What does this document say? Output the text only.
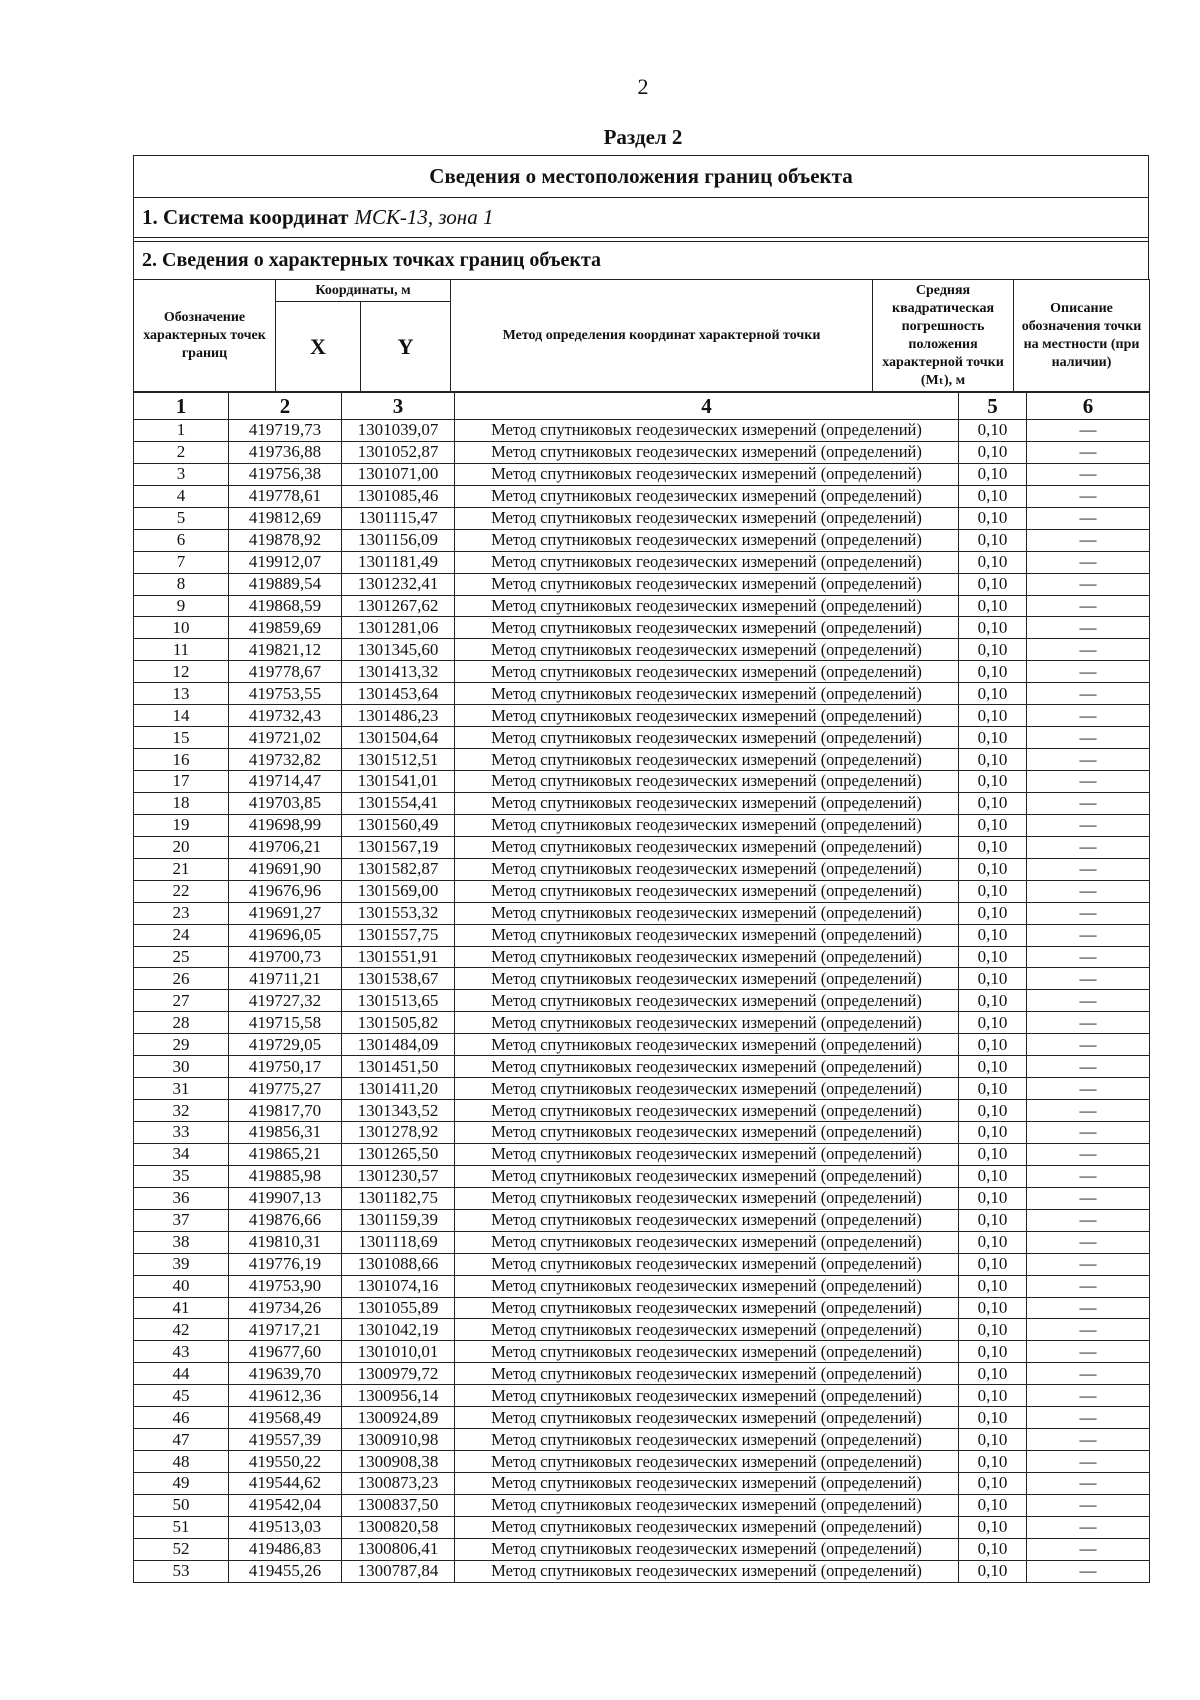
2
Раздел 2
Сведения о местоположения границ объекта
1. Система координат МСК-13, зона 1
2. Сведения о характерных точках границ объекта
Обозначение характерных точек границ	Координаты, м		Метод определения координат характерной точки	Средняя квадратическая погрешность положения характерной точки (Mₜ), м	Описание обозначения точки на местности (при наличии)
	X	Y			
1	2	3	4	5	6
1	419719,73	1301039,07	Метод спутниковых геодезических измерений (определений)	0,10	—
2	419736,88	1301052,87	Метод спутниковых геодезических измерений (определений)	0,10	—
3	419756,38	1301071,00	Метод спутниковых геодезических измерений (определений)	0,10	—
4	419778,61	1301085,46	Метод спутниковых геодезических измерений (определений)	0,10	—
5	419812,69	1301115,47	Метод спутниковых геодезических измерений (определений)	0,10	—
6	419878,92	1301156,09	Метод спутниковых геодезических измерений (определений)	0,10	—
7	419912,07	1301181,49	Метод спутниковых геодезических измерений (определений)	0,10	—
8	419889,54	1301232,41	Метод спутниковых геодезических измерений (определений)	0,10	—
9	419868,59	1301267,62	Метод спутниковых геодезических измерений (определений)	0,10	—
10	419859,69	1301281,06	Метод спутниковых геодезических измерений (определений)	0,10	—
11	419821,12	1301345,60	Метод спутниковых геодезических измерений (определений)	0,10	—
12	419778,67	1301413,32	Метод спутниковых геодезических измерений (определений)	0,10	—
13	419753,55	1301453,64	Метод спутниковых геодезических измерений (определений)	0,10	—
14	419732,43	1301486,23	Метод спутниковых геодезических измерений (определений)	0,10	—
15	419721,02	1301504,64	Метод спутниковых геодезических измерений (определений)	0,10	—
16	419732,82	1301512,51	Метод спутниковых геодезических измерений (определений)	0,10	—
17	419714,47	1301541,01	Метод спутниковых геодезических измерений (определений)	0,10	—
18	419703,85	1301554,41	Метод спутниковых геодезических измерений (определений)	0,10	—
19	419698,99	1301560,49	Метод спутниковых геодезических измерений (определений)	0,10	—
20	419706,21	1301567,19	Метод спутниковых геодезических измерений (определений)	0,10	—
21	419691,90	1301582,87	Метод спутниковых геодезических измерений (определений)	0,10	—
22	419676,96	1301569,00	Метод спутниковых геодезических измерений (определений)	0,10	—
23	419691,27	1301553,32	Метод спутниковых геодезических измерений (определений)	0,10	—
24	419696,05	1301557,75	Метод спутниковых геодезических измерений (определений)	0,10	—
25	419700,73	1301551,91	Метод спутниковых геодезических измерений (определений)	0,10	—
26	419711,21	1301538,67	Метод спутниковых геодезических измерений (определений)	0,10	—
27	419727,32	1301513,65	Метод спутниковых геодезических измерений (определений)	0,10	—
28	419715,58	1301505,82	Метод спутниковых геодезических измерений (определений)	0,10	—
29	419729,05	1301484,09	Метод спутниковых геодезических измерений (определений)	0,10	—
30	419750,17	1301451,50	Метод спутниковых геодезических измерений (определений)	0,10	—
31	419775,27	1301411,20	Метод спутниковых геодезических измерений (определений)	0,10	—
32	419817,70	1301343,52	Метод спутниковых геодезических измерений (определений)	0,10	—
33	419856,31	1301278,92	Метод спутниковых геодезических измерений (определений)	0,10	—
34	419865,21	1301265,50	Метод спутниковых геодезических измерений (определений)	0,10	—
35	419885,98	1301230,57	Метод спутниковых геодезических измерений (определений)	0,10	—
36	419907,13	1301182,75	Метод спутниковых геодезических измерений (определений)	0,10	—
37	419876,66	1301159,39	Метод спутниковых геодезических измерений (определений)	0,10	—
38	419810,31	1301118,69	Метод спутниковых геодезических измерений (определений)	0,10	—
39	419776,19	1301088,66	Метод спутниковых геодезических измерений (определений)	0,10	—
40	419753,90	1301074,16	Метод спутниковых геодезических измерений (определений)	0,10	—
41	419734,26	1301055,89	Метод спутниковых геодезических измерений (определений)	0,10	—
42	419717,21	1301042,19	Метод спутниковых геодезических измерений (определений)	0,10	—
43	419677,60	1301010,01	Метод спутниковых геодезических измерений (определений)	0,10	—
44	419639,70	1300979,72	Метод спутниковых геодезических измерений (определений)	0,10	—
45	419612,36	1300956,14	Метод спутниковых геодезических измерений (определений)	0,10	—
46	419568,49	1300924,89	Метод спутниковых геодезических измерений (определений)	0,10	—
47	419557,39	1300910,98	Метод спутниковых геодезических измерений (определений)	0,10	—
48	419550,22	1300908,38	Метод спутниковых геодезических измерений (определений)	0,10	—
49	419544,62	1300873,23	Метод спутниковых геодезических измерений (определений)	0,10	—
50	419542,04	1300837,50	Метод спутниковых геодезических измерений (определений)	0,10	—
51	419513,03	1300820,58	Метод спутниковых геодезических измерений (определений)	0,10	—
52	419486,83	1300806,41	Метод спутниковых геодезических измерений (определений)	0,10	—
53	419455,26	1300787,84	Метод спутниковых геодезических измерений (определений)	0,10	—
